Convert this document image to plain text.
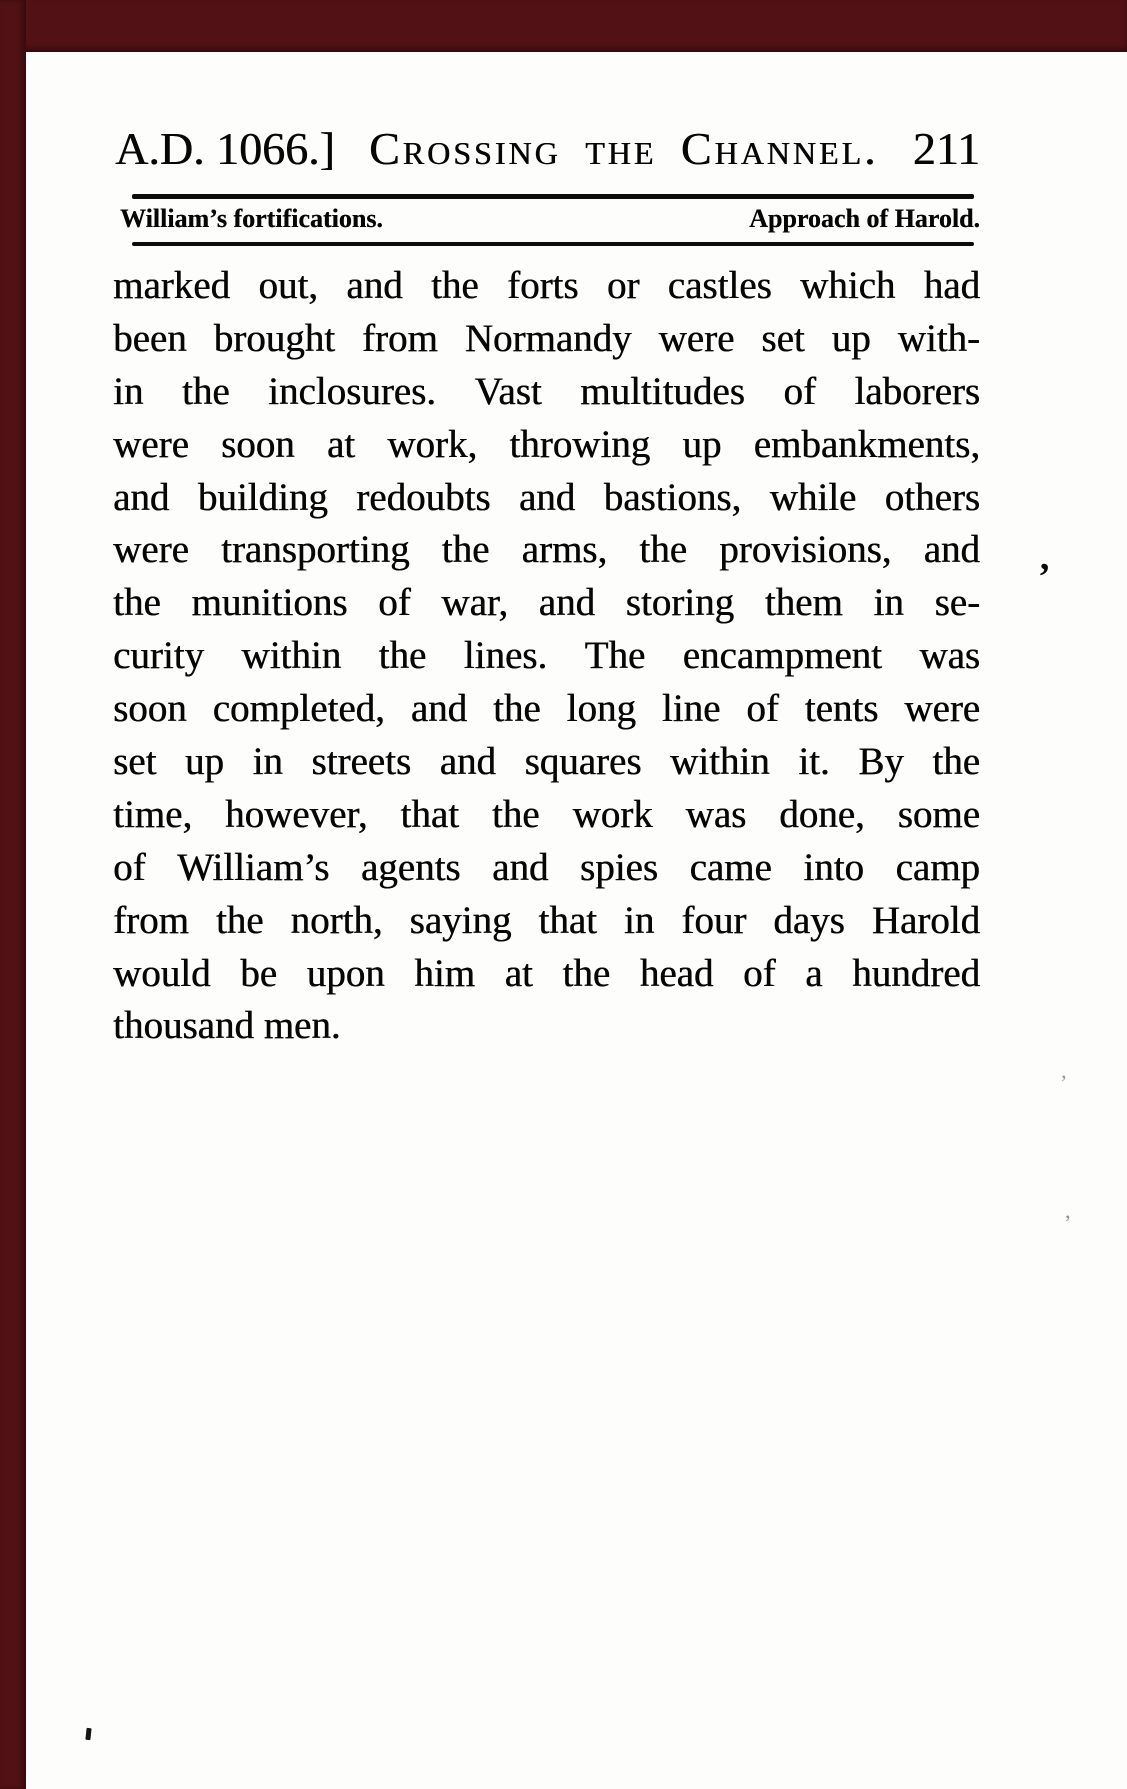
A.D. 1066.] Crossing the Channel. 211
William’s fortifications.	Approach of Harold.
marked out, and the forts or castles which had
been brought from Normandy were set up with-
in the inclosures. Vast multitudes of laborers
were soon at work, throwing up embankments,
and building redoubts and bastions, while others
were transporting the arms, the provisions, and
the munitions of war, and storing them in se-
curity within the lines. The encampment was
soon completed, and the long line of tents were
set up in streets and squares within it. By the
time, however, that the work was done, some
of William’s agents and spies came into camp
from the north, saying that in four days Harold
would be upon him at the head of a hundred
thousand men.
’
’
’
